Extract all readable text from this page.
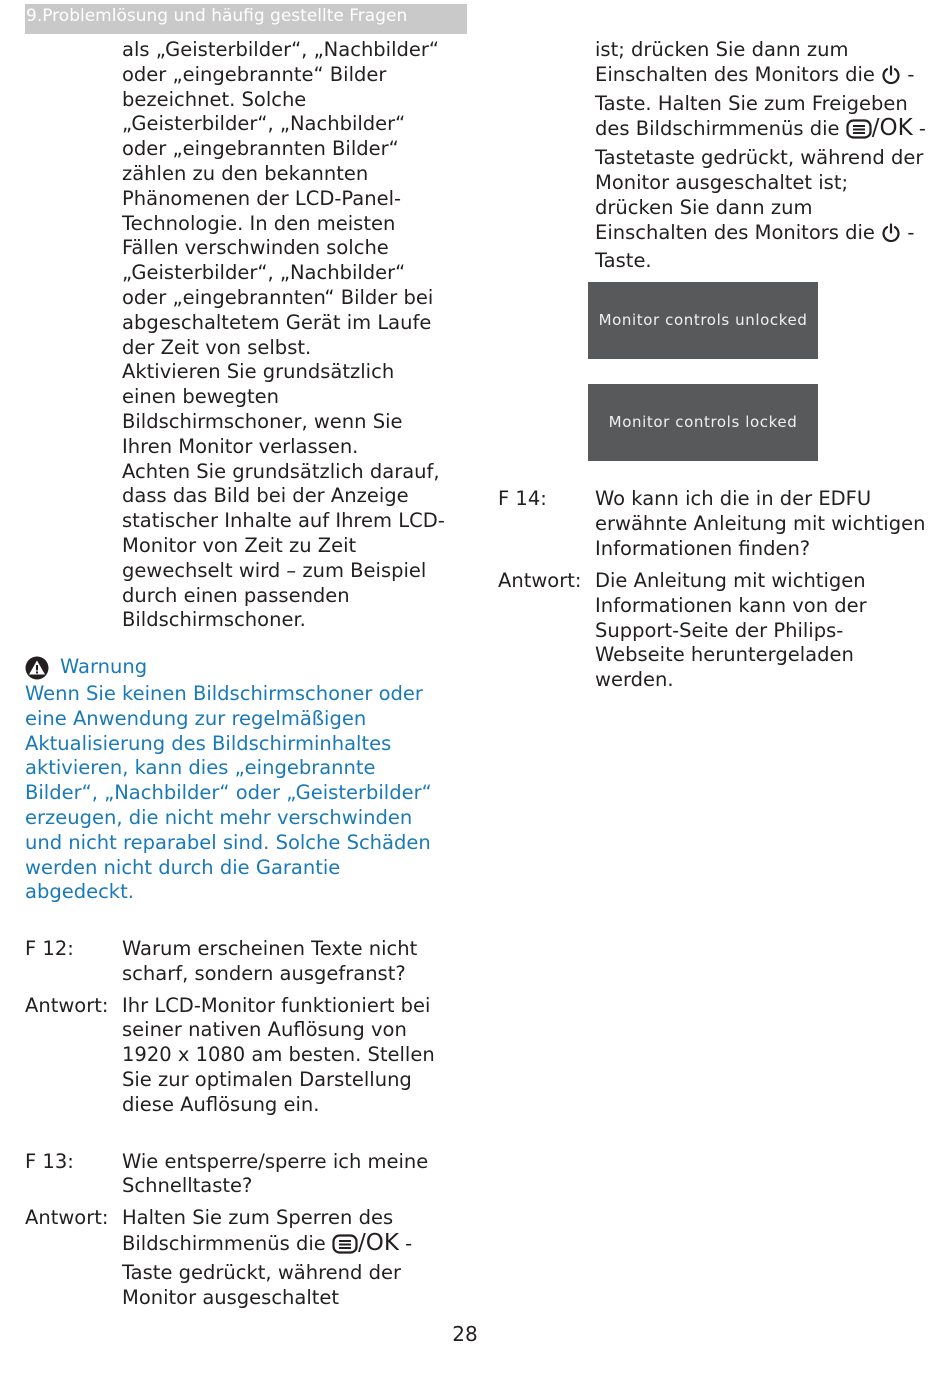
9.Problemlösung und häufig gestellte Fragen

als „Geisterbilder“, „Nachbilder“ oder „eingebrannte“ Bilder bezeichnet. Solche „Geisterbilder“, „Nachbilder“ oder „eingebrannten Bilder“ zählen zu den bekannten Phänomenen der LCD-Panel-Technologie. In den meisten Fällen verschwinden solche „Geisterbilder“, „Nachbilder“ oder „eingebrannten“ Bilder bei abgeschaltetem Gerät im Laufe der Zeit von selbst.

Aktivieren Sie grundsätzlich einen bewegten Bildschirmschoner, wenn Sie Ihren Monitor verlassen.

Achten Sie grundsätzlich darauf, dass das Bild bei der Anzeige statischer Inhalte auf Ihrem LCD-Monitor von Zeit zu Zeit gewechselt wird – zum Beispiel durch einen passenden Bildschirmschoner.

Warnung

Wenn Sie keinen Bildschirmschoner oder eine Anwendung zur regelmäßigen Aktualisierung des Bildschirminhaltes aktivieren, kann dies „eingebrannte Bilder“, „Nachbilder“ oder „Geisterbilder“ erzeugen, die nicht mehr verschwinden und nicht reparabel sind. Solche Schäden werden nicht durch die Garantie abgedeckt.

F 12:	Warum erscheinen Texte nicht scharf, sondern ausgefranst?
Antwort: Ihr LCD-Monitor funktioniert bei seiner nativen Auflösung von 1920 x 1080 am besten. Stellen Sie zur optimalen Darstellung diese Auflösung ein.
F 13:	Wie entsperre/sperre ich meine Schnelltaste?
Antwort: Halten Sie zum Sperren des Bildschirmmenüs die /OK -Taste gedrückt, während der Monitor ausgeschaltet
ist; drücken Sie dann zum Einschalten des Monitors die -Taste. Halten Sie zum Freigeben des Bildschirmmenüs die /OK -Tastetaste gedrückt, während der Monitor ausgeschaltet ist; drücken Sie dann zum Einschalten des Monitors die -Taste.
F 14:	Wo kann ich die in der EDFU erwähnte Anleitung mit wichtigen Informationen finden?
Antwort: Die Anleitung mit wichtigen Informationen kann von der Support-Seite der Philips-Webseite heruntergeladen werden.
Monitor controls unlocked
Monitor controls locked
28
